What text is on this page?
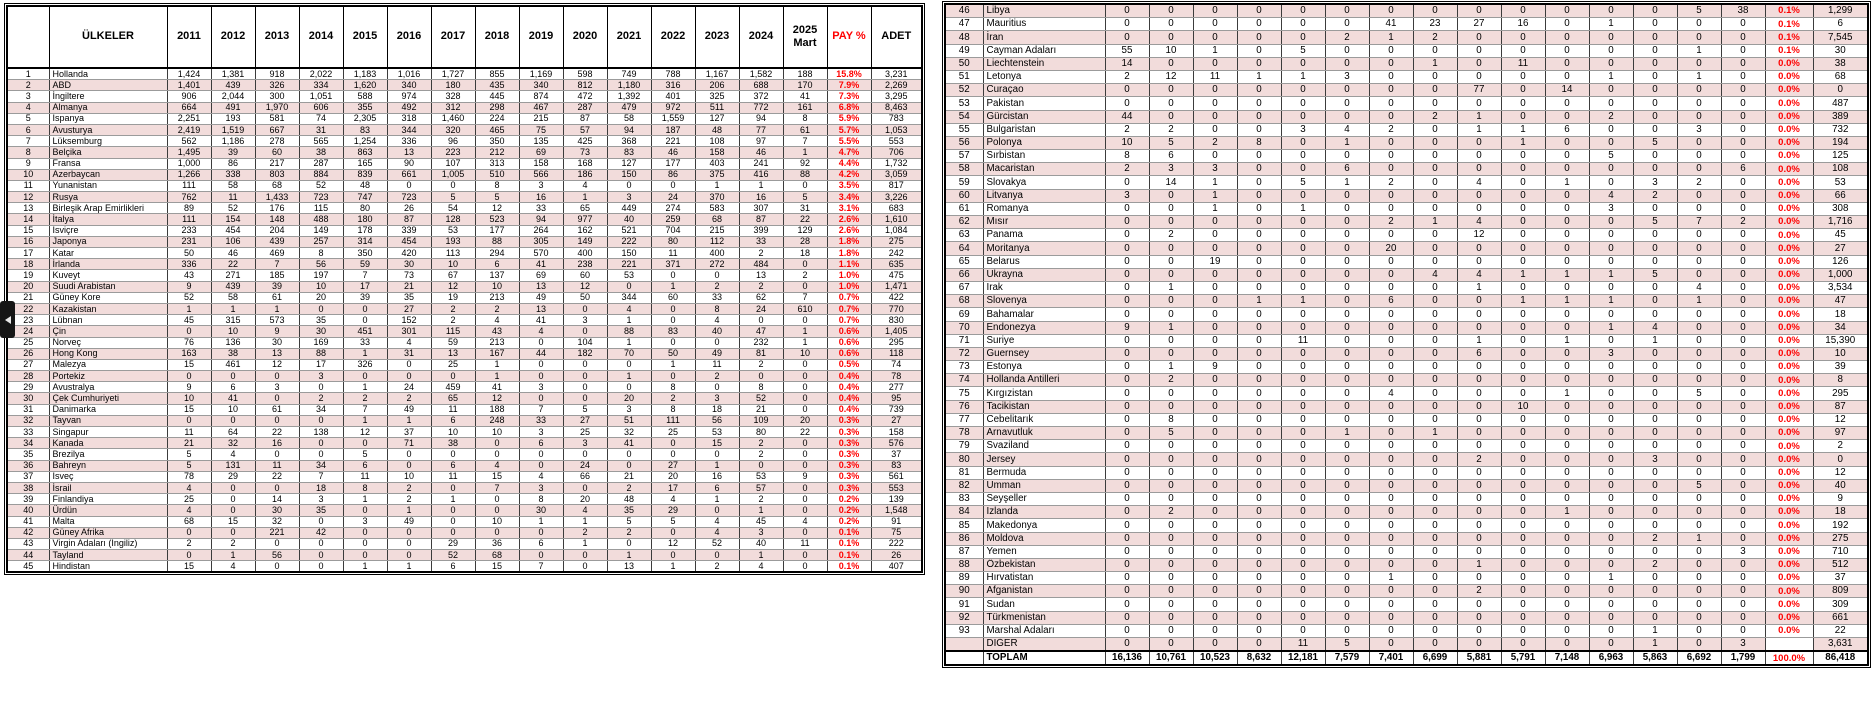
	ÜLKELER	2011	2012	2013	2014	2015	2016	2017	2018	2019	2020	2021	2022	2023	2024	2025 Mart	PAY %	ADET
1	Hollanda	1,424	1,381	918	2,022	1,183	1,016	1,727	855	1,169	598	749	788	1,167	1,582	188	15.8%	3,231
2	ABD	1,401	439	326	334	1,620	340	180	435	340	812	1,180	316	206	688	170	7.9%	2,269
3	İngiltere	906	2,044	300	1,051	588	974	328	445	874	472	1,392	401	325	372	41	7.3%	3,295
4	Almanya	664	491	1,970	606	355	492	312	298	467	287	479	972	511	772	161	6.8%	8,463
5	İspanya	2,251	193	581	74	2,305	318	1,460	224	215	87	58	1,559	127	94	8	5.9%	783
6	Avusturya	2,419	1,519	667	31	83	344	320	465	75	57	94	187	48	77	61	5.7%	1,053
7	Lüksemburg	562	1,186	278	565	1,254	336	96	350	135	425	368	221	108	97	7	5.5%	553
8	Belçika	1,495	39	60	38	863	13	223	212	69	73	83	46	158	46	1	4.7%	706
9	Fransa	1,000	86	217	287	165	90	107	313	158	168	127	177	403	241	92	4.4%	1,732
10	Azerbaycan	1,266	338	803	884	839	661	1,005	510	566	186	150	86	375	416	88	4.2%	3,059
11	Yunanistan	111	58	68	52	48	0	0	8	3	4	0	0	1	1	0	3.5%	817
12	Rusya	762	11	1,433	723	747	723	5	5	16	1	3	24	370	16	5	3.4%	3,226
13	Birleşik Arap Emirlikleri	89	52	176	115	80	26	54	12	33	65	449	274	583	307	31	3.1%	683
14	İtalya	111	154	148	488	180	87	128	523	94	977	40	259	68	87	22	2.6%	1,610
15	İsviçre	233	454	204	149	178	339	53	177	264	162	521	704	215	399	129	2.6%	1,084
16	Japonya	231	106	439	257	314	454	193	88	305	149	222	80	112	33	28	1.8%	275
17	Katar	50	46	469	8	350	420	113	294	570	400	150	11	400	2	18	1.8%	242
18	İrlanda	336	22	7	56	59	30	10	6	41	238	221	371	272	484	0	1.1%	635
19	Kuveyt	43	271	185	197	7	73	67	137	69	60	53	0	0	13	2	1.0%	475
20	Suudi Arabistan	9	439	39	10	17	21	12	10	13	12	0	1	2	2	0	1.0%	1,471
21	Güney Kore	52	58	61	20	39	35	19	213	49	50	344	60	33	62	7	0.7%	422
22	Kazakistan	1	1	1	0	0	27	2	2	13	0	4	0	8	24	610	0.7%	770
23	Lübnan	45	315	573	35	0	152	2	4	41	3	1	0	4	0	0	0.7%	830
24	Çin	0	10	9	30	451	301	115	43	4	0	88	83	40	47	1	0.6%	1,405
25	Norveç	76	136	30	169	33	4	59	213	0	104	1	0	0	232	1	0.6%	295
26	Hong Kong	163	38	13	88	1	31	13	167	44	182	70	50	49	81	10	0.6%	118
27	Malezya	15	461	12	17	326	0	25	1	0	0	0	1	11	2	0	0.5%	74
28	Portekiz	0	0	0	3	0	0	0	1	0	0	1	0	2	0	0	0.4%	78
29	Avustralya	9	6	3	0	1	24	459	41	3	0	0	8	0	8	0	0.4%	277
30	Çek Cumhuriyeti	10	41	0	2	2	2	65	12	0	0	20	2	3	52	0	0.4%	95
31	Danimarka	15	10	61	34	7	49	11	188	7	5	3	8	18	21	0	0.4%	739
32	Tayvan	0	0	0	0	1	1	6	248	33	27	51	111	56	109	20	0.3%	27
33	Singapur	11	64	22	138	12	37	10	10	3	25	32	25	53	80	22	0.3%	158
34	Kanada	21	32	16	0	0	71	38	0	6	3	41	0	15	2	0	0.3%	576
35	Brezilya	5	4	0	0	5	0	0	0	0	0	0	0	0	2	0	0.3%	37
36	Bahreyn	5	131	11	34	6	0	6	4	0	24	0	27	1	0	0	0.3%	83
37	İsveç	78	29	22	7	11	10	11	15	4	66	21	20	16	53	9	0.3%	561
38	İsrail	4	0	0	18	8	2	0	7	3	0	2	17	6	57	0	0.3%	553
39	Finlandiya	25	0	14	3	1	2	1	0	8	20	48	4	1	2	0	0.2%	139
40	Ürdün	4	0	30	35	0	1	0	0	30	4	35	29	0	1	0	0.2%	1,548
41	Malta	68	15	32	0	3	49	0	10	1	1	5	5	4	45	4	0.2%	91
42	Güney Afrika	0	0	221	42	0	0	0	0	0	2	2	0	4	3	0	0.1%	75
43	Virgin Adaları (İngiliz)	2	2	0	0	0	0	29	36	6	1	0	12	52	40	11	0.1%	222
44	Tayland	0	1	56	0	0	0	52	68	0	0	1	0	0	1	0	0.1%	26
45	Hindistan	15	4	0	0	1	1	6	15	7	0	13	1	2	4	0	0.1%	407
46	Libya	0	0	0	0	0	0	0	0	0	0	0	0	0	5	38	0.1%	1,299
47	Mauritius	0	0	0	0	0	0	41	23	27	16	0	1	0	0	0	0.1%	6
48	İran	0	0	0	0	0	2	1	2	0	0	0	0	0	0	0	0.1%	7,545
49	Cayman Adaları	55	10	1	0	5	0	0	0	0	0	0	0	0	1	0	0.1%	30
50	Liechtenstein	14	0	0	0	0	0	0	1	0	11	0	0	0	0	0	0.0%	38
51	Letonya	2	12	11	1	1	3	0	0	0	0	0	1	0	1	0	0.0%	68
52	Curaçao	0	0	0	0	0	0	0	0	77	0	14	0	0	0	0	0.0%	0
53	Pakistan	0	0	0	0	0	0	0	0	0	0	0	0	0	0	0	0.0%	487
54	Gürcistan	44	0	0	0	0	0	0	2	1	0	0	2	0	0	0	0.0%	389
55	Bulgaristan	2	2	0	0	3	4	2	0	1	1	6	0	0	3	0	0.0%	732
56	Polonya	10	5	2	8	0	1	0	0	0	1	0	0	5	0	0	0.0%	194
57	Sırbistan	8	6	0	0	0	0	0	0	0	0	0	5	0	0	0	0.0%	125
58	Macaristan	2	3	3	0	0	6	0	0	0	0	0	0	0	0	6	0.0%	108
59	Slovakya	0	14	1	0	5	1	2	0	4	0	1	0	3	2	0	0.0%	53
60	Litvanya	3	0	1	0	0	0	0	0	0	0	0	4	2	0	0	0.0%	66
61	Romanya	0	0	1	0	1	0	0	0	0	0	0	3	0	0	0	0.0%	308
62	Mısır	0	0	0	0	0	0	2	1	4	0	0	0	5	7	2	0.0%	1,716
63	Panama	0	2	0	0	0	0	0	0	12	0	0	0	0	0	0	0.0%	45
64	Moritanya	0	0	0	0	0	0	20	0	0	0	0	0	0	0	0	0.0%	27
65	Belarus	0	0	19	0	0	0	0	0	0	0	0	0	0	0	0	0.0%	126
66	Ukrayna	0	0	0	0	0	0	0	4	4	1	1	1	5	0	0	0.0%	1,000
67	Irak	0	1	0	0	0	0	0	0	1	0	0	0	0	4	0	0.0%	3,534
68	Slovenya	0	0	0	1	1	0	6	0	0	1	1	1	0	1	0	0.0%	47
69	Bahamalar	0	0	0	0	0	0	0	0	0	0	0	0	0	0	0	0.0%	18
70	Endonezya	9	1	0	0	0	0	0	0	0	0	0	1	4	0	0	0.0%	34
71	Suriye	0	0	0	0	11	0	0	0	1	0	1	0	1	0	0	0.0%	15,390
72	Guernsey	0	0	0	0	0	0	0	0	6	0	0	3	0	0	0	0.0%	10
73	Estonya	0	1	9	0	0	0	0	0	0	0	0	0	0	0	0	0.0%	39
74	Hollanda Antilleri	0	2	0	0	0	0	0	0	0	0	0	0	0	0	0	0.0%	8
75	Kırgızistan	0	0	0	0	0	0	4	0	0	0	1	0	0	5	0	0.0%	295
76	Tacikistan	0	0	0	0	0	0	0	0	0	10	0	0	0	0	0	0.0%	87
77	Cebelitarık	0	8	0	0	0	0	0	0	0	0	0	0	0	0	0	0.0%	12
78	Arnavutluk	0	5	0	0	0	1	0	1	0	0	0	0	0	0	0	0.0%	97
79	Svaziland	0	0	0	0	0	0	0	0	0	0	0	0	0	0	0	0.0%	2
80	Jersey	0	0	0	0	0	0	0	0	2	0	0	0	3	0	0	0.0%	0
81	Bermuda	0	0	0	0	0	0	0	0	0	0	0	0	0	0	0	0.0%	12
82	Umman	0	0	0	0	0	0	0	0	0	0	0	0	0	5	0	0.0%	40
83	Seyşeller	0	0	0	0	0	0	0	0	0	0	0	0	0	0	0	0.0%	9
84	İzlanda	0	2	0	0	0	0	0	0	0	0	1	0	0	0	0	0.0%	18
85	Makedonya	0	0	0	0	0	0	0	0	0	0	0	0	0	0	0	0.0%	192
86	Moldova	0	0	0	0	0	0	0	0	0	0	0	0	2	1	0	0.0%	275
87	Yemen	0	0	0	0	0	0	0	0	0	0	0	0	0	0	3	0.0%	710
88	Özbekistan	0	0	0	0	0	0	0	0	1	0	0	0	2	0	0	0.0%	512
89	Hırvatistan	0	0	0	0	0	0	1	0	0	0	0	1	0	0	0	0.0%	37
90	Afganistan	0	0	0	0	0	0	0	0	2	0	0	0	0	0	0	0.0%	809
91	Sudan	0	0	0	0	0	0	0	0	0	0	0	0	0	0	0	0.0%	309
92	Türkmenistan	0	0	0	0	0	0	0	0	0	0	0	0	0	0	0	0.0%	661
93	Marshal Adaları	0	0	0	0	0	0	0	0	0	0	0	0	1	0	0	0.0%	22
	DİĞER	0	0	0	0	11	5	0	0	0	0	0	0	1	0	3		3,631
	TOPLAM	16,136	10,761	10,523	8,632	12,181	7,579	7,401	6,699	5,881	5,791	7,148	6,963	5,863	6,692	1,799	100.0%	86,418
